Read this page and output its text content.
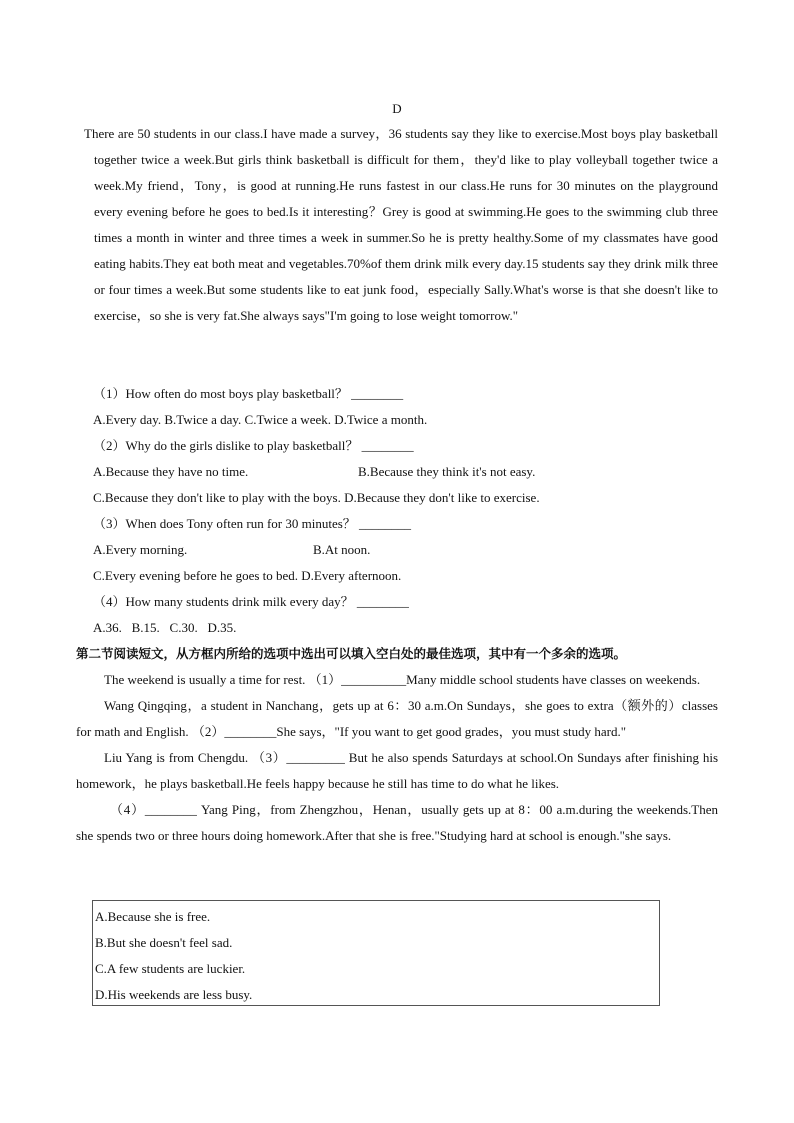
D

There are 50 students in our class.I have made a survey，36 students say they like to exercise.Most boys play basketball together twice a week.But girls think basketball is difficult for them，they'd like to play volleyball together twice a week.My friend，Tony，is good at running.He runs fastest in our class.He runs for 30 minutes on the playground every evening before he goes to bed.Is it interesting？Grey is good at swimming.He goes to the swimming club three times a month in winter and three times a week in summer.So he is pretty healthy.Some of my classmates have good eating habits.They eat both meat and vegetables.70%of them drink milk every day.15 students say they drink milk three or four times a week.But some students like to eat junk food，especially Sally.What's worse is that she doesn't like to exercise，so she is very fat.She always says"I'm going to lose weight tomorrow."

（1）How often do most boys play basketball？ ________
A.Every day. B.Twice a day. C.Twice a week. D.Twice a month.
（2）Why do the girls dislike to play basketball？ ________
A.Because they have no time.	B.Because they think it's not easy.
C.Because they don't like to play with the boys. D.Because they don't like to exercise.
（3）When does Tony often run for 30 minutes？ ________
A.Every morning.	B.At noon.
C.Every evening before he goes to bed. D.Every afternoon.
（4）How many students drink milk every day？ ________
A.36.   B.15.   C.30.   D.35.
第二节阅读短文，从方框内所给的选项中选出可以填入空白处的最佳选项，其中有一个多余的选项。

The weekend is usually a time for rest. （1）__________Many middle school students have classes on weekends.

Wang Qingqing，a student in Nanchang，gets up at 6：30 a.m.On Sundays，she goes to extra（额外的）classes for math and English. （2）________She says，"If you want to get good grades，you must study hard."

Liu Yang is from Chengdu. （3）_________ But he also spends Saturdays at school.On Sundays after finishing his homework，he plays basketball.He feels happy because he still has time to do what he likes.

（4）________ Yang Ping，from Zhengzhou，Henan，usually gets up at 8：00 a.m.during the weekends.Then she spends two or three hours doing homework.After that she is free."Studying hard at school is enough."she says.

A.Because she is free.
B.But she doesn't feel sad.
C.A few students are luckier.
D.His weekends are less busy.
